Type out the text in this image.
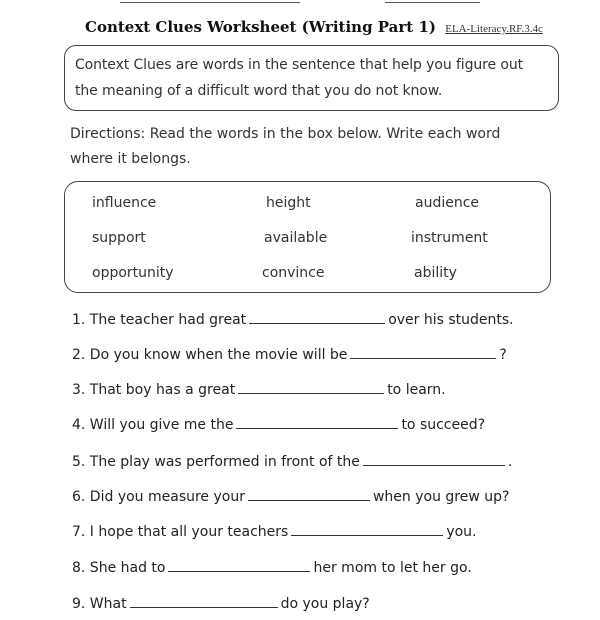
Context Clues Worksheet (Writing Part 1) ELA-Literacy.RF.3.4c
Context Clues are words in the sentence that help you figure out
the meaning of a difficult word that you do not know.
Directions: Read the words in the box below. Write each word
where it belongs.
influence	height	audience
support	available	instrument
opportunity	convince	ability
1. The teacher had great	over his students.
2. Do you know when the movie will be	?
3. That boy has a great	to learn.
4. Will you give me the	to succeed?
5. The play was performed in front of the	.
6. Did you measure your	when you grew up?
7. I hope that all your teachers	you.
8. She had to	her mom to let her go.
9. What	do you play?
